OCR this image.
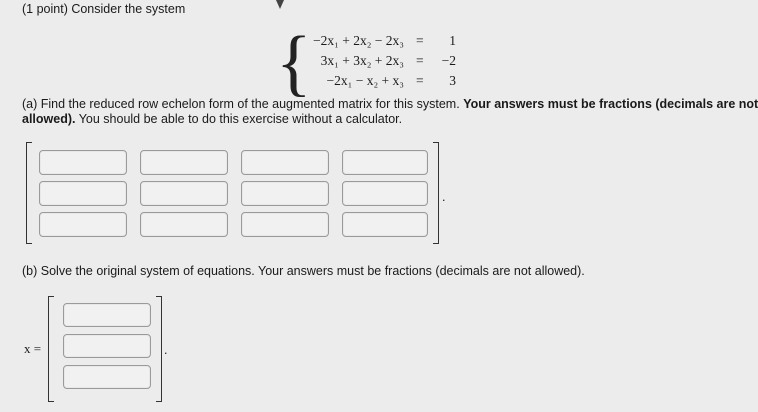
(1 point) Consider the system
{ −2x₁ + 2x₂ − 2x₃ =	1
3x₁ + 3x₂ + 2x₃ = −2
−2x₁ − x₂ + x₃ =	3
(a) Find the reduced row echelon form of the augmented matrix for this system. Your answers must be fractions (decimals are not
allowed). You should be able to do this exercise without a calculator.
.
(b) Solve the original system of equations. Your answers must be fractions (decimals are not allowed).
x =	.
